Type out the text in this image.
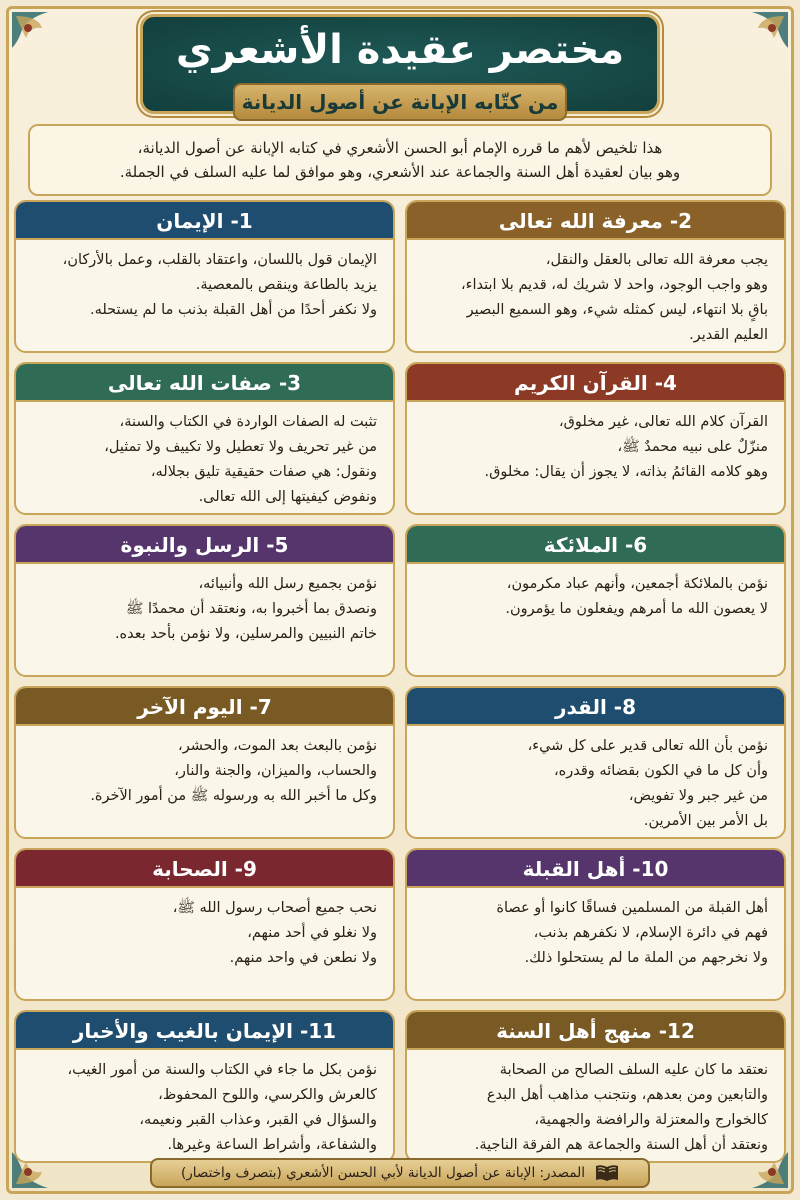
مختصر عقيدة الأشعري
من كتّابه الإبانة عن أصول الديانة
هذا تلخيص لأهم ما قرره الإمام أبو الحسن الأشعري في كتابه الإبانة عن أصول الديانة،
وهو بيان لعقيدة أهل السنة والجماعة عند الأشعري، وهو موافق لما عليه السلف في الجملة.
2- معرفة الله تعالى
يجب معرفة الله تعالى بالعقل والنقل،
وهو واجب الوجود، واحد لا شريك له، قديم بلا ابتداء،
باقٍ بلا انتهاء، ليس كمثله شيء، وهو السميع البصير
العليم القدير.
1- الإيمان
الإيمان قول باللسان، واعتقاد بالقلب، وعمل بالأركان،
يزيد بالطاعة وينقص بالمعصية.
ولا نكفر أحدًا من أهل القبلة بذنب ما لم يستحله.
4- القرآن الكريم
القرآن كلام الله تعالى، غير مخلوق،
منزّلٌ على نبيه محمدٌ ﷺ،
وهو كلامه القائمُ بذاته، لا يجوز أن يقال: مخلوق.
3- صفات الله تعالى
تثبت له الصفات الواردة في الكتاب والسنة،
من غير تحريف ولا تعطيل ولا تكييف ولا تمثيل،
ونقول: هي صفات حقيقية تليق بجلاله،
ونفوض كيفيتها إلى الله تعالى.
6- الملائكة
نؤمن بالملائكة أجمعين، وأنهم عباد مكرمون،
لا يعصون الله ما أمرهم ويفعلون ما يؤمرون.
5- الرسل والنبوة
نؤمن بجميع رسل الله وأنبيائه،
ونصدق بما أخبروا به، ونعتقد أن محمدًا ﷺ
خاتم النبيين والمرسلين، ولا نؤمن بأحد بعده.
8- القدر
نؤمن بأن الله تعالى قدير على كل شيء،
وأن كل ما في الكون بقضائه وقدره،
من غير جبر ولا تفويض،
بل الأمر بين الأمرين.
7- اليوم الآخر
نؤمن بالبعث بعد الموت، والحشر،
والحساب، والميزان، والجنة والنار،
وكل ما أخبر الله به ورسوله ﷺ من أمور الآخرة.
10- أهل القبلة
أهل القبلة من المسلمين فساقًا كانوا أو عصاة
فهم في دائرة الإسلام، لا نكفرهم بذنب،
ولا نخرجهم من الملة ما لم يستحلوا ذلك.
9- الصحابة
نحب جميع أصحاب رسول الله ﷺ،
ولا نغلو في أحد منهم،
ولا نطعن في واحد منهم.
12- منهج أهل السنة
نعتقد ما كان عليه السلف الصالح من الصحابة
والتابعين ومن بعدهم، ونتجنب مذاهب أهل البدع
كالخوارج والمعتزلة والرافضة والجهمية،
ونعتقد أن أهل السنة والجماعة هم الفرقة الناجية.
11- الإيمان بالغيب والأخبار
نؤمن بكل ما جاء في الكتاب والسنة من أمور الغيب،
كالعرش والكرسي، واللوح المحفوظ،
والسؤال في القبر، وعذاب القبر ونعيمه،
والشفاعة، وأشراط الساعة وغيرها.
المصدر: الإبانة عن أصول الديانة لأبي الحسن الأشعري (بتصرف واختصار)
